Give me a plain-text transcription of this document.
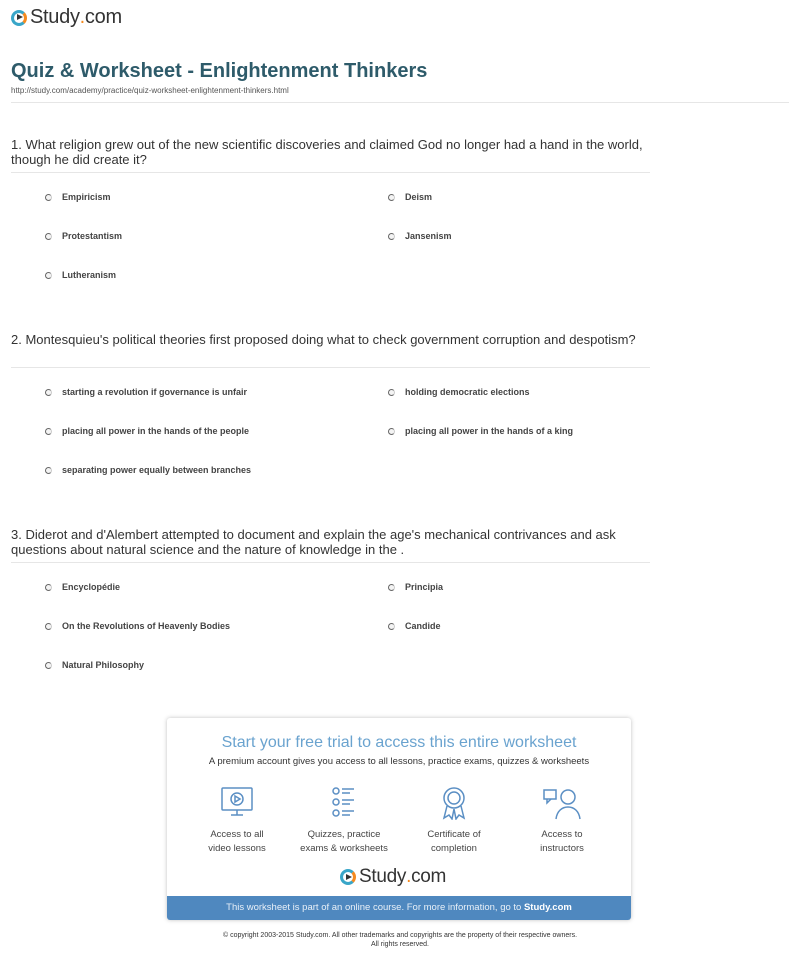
Study . com
Quiz & Worksheet - Enlightenment Thinkers
http://study.com/academy/practice/quiz-worksheet-enlightenment-thinkers.html
1. What religion grew out of the new scientific discoveries and claimed God no longer had a hand in the world, though he did create it?
Empiricism	Deism
Protestantism	Jansenism
Lutheranism
2. Montesquieu's political theories first proposed doing what to check government corruption and despotism?
starting a revolution if governance is unfair	holding democratic elections
placing all power in the hands of the people	placing all power in the hands of a king
separating power equally between branches
3. Diderot and d'Alembert attempted to document and explain the age's mechanical contrivances and ask questions about natural science and the nature of knowledge in the .
Encyclopédie	Principia
On the Revolutions of Heavenly Bodies	Candide
Natural Philosophy
Start your free trial to access this entire worksheet
A premium account gives you access to all lessons, practice exams, quizzes & worksheets
Access to all
video lessons
Quizzes, practice
exams & worksheets
Certificate of
completion
Access to
instructors
Study . com
This worksheet is part of an online course. For more information, go to Study.com
© copyright 2003-2015 Study.com. All other trademarks and copyrights are the property of their respective owners.
All rights reserved.
